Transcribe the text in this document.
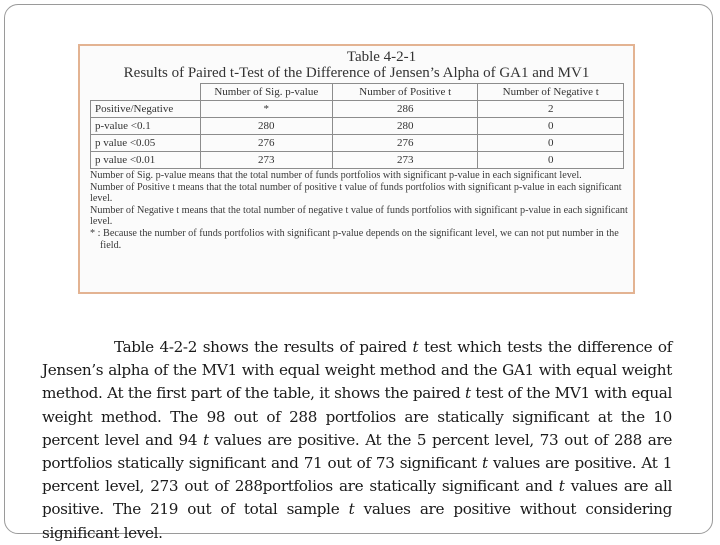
Table 4-2-1

Results of Paired t-Test of the Difference of Jensen’s Alpha of GA1 and MV1

	Number of Sig. p-value	Number of Positive t	Number of Negative t
Positive/Negative	*	286	2
p-value <0.1	280	280	0
p value <0.05	276	276	0
p value <0.01	273	273	0

Number of Sig. p-value means that the total number of funds portfolios with significant p-value in each significant level.

Number of Positive t means that the total number of positive t value of funds portfolios with significant p-value in each significant level.

Number of Negative t means that the total number of negative t value of funds portfolios with significant p-value in each significant level.

* : Because the number of funds portfolios with significant p-value depends on the significant level, we can not put number in the field.

Table 4-2-2 shows the results of paired t test which tests the difference of Jensen’s alpha of the MV1 with equal weight method and the GA1 with equal weight method. At the first part of the table, it shows the paired t test of the MV1 with equal weight method. The 98 out of 288 portfolios are statically significant at the 10 percent level and 94 t values are positive. At the 5 percent level, 73 out of 288 are portfolios statically significant and 71 out of 73 significant t values are positive. At 1 percent level, 273 out of 288portfolios are statically significant and t values are all positive. The 219 out of total sample t values are positive without considering significant level.
